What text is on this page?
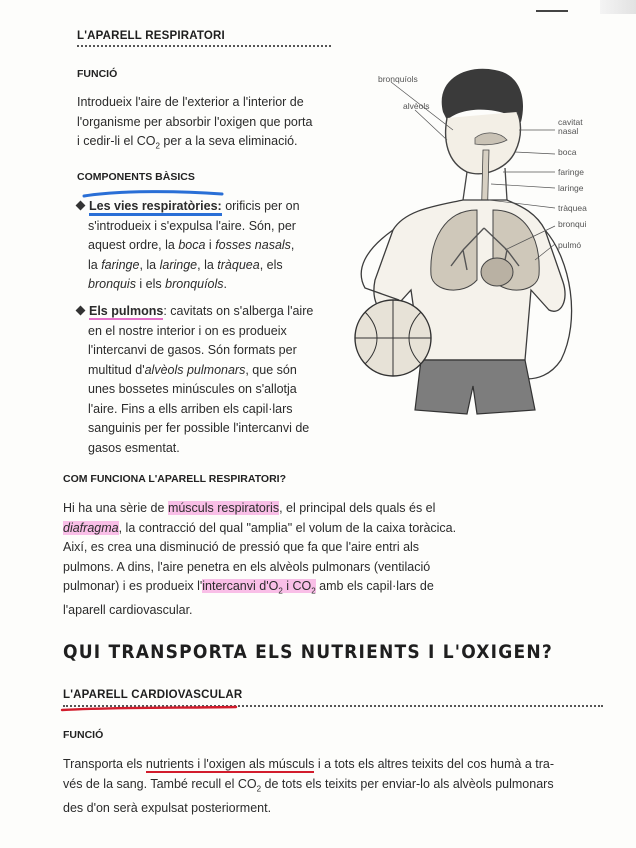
L'APARELL RESPIRATORI
FUNCIÓ
Introdueix l'aire de l'exterior a l'interior de
l'organisme per absorbir l'oxigen que porta
i cedir-li el $CO_2$ per a la seva eliminació.
COMPONENTS BÀSICS
Les vies respiratòries: orificis per on
s'introdueix i s'expulsa l'aire. Són, per
aquest ordre, la boca i fosses nasals,
la faringe, la laringe, la tràquea, els
bronquis i els bronquíols.
Els pulmons: cavitats on s'alberga l'aire
en el nostre interior i on es produeix
l'intercanvi de gasos. Són formats per
multitud d'alvèols pulmonars, que són
unes bossetes minúscules on s'allotja
l'aire. Fins a ells arriben els capil·lars
sanguinis per fer possible l'intercanvi de
gasos esmentat.
bronquíols
alvèols
cavitat
nasal
boca
faringe
laringe
tràquea
bronqui
pulmó
COM FUNCIONA L'APARELL RESPIRATORI?
Hi ha una sèrie de músculs respiratoris, el principal dels quals és el
diafragma, la contracció del qual "amplia" el volum de la caixa toràcica.
Així, es crea una disminució de pressió que fa que l'aire entri als
pulmons. A dins, l'aire penetra en els alvèols pulmonars (ventilació
pulmonar) i es produeix l'intercanvi $d'O_2$ i $CO_2$ amb els capil·lars de
l'aparell cardiovascular.
QUI TRANSPORTA ELS NUTRIENTS I L'OXIGEN?
L'APARELL CARDIOVASCULAR
FUNCIÓ
Transporta els nutrients i l'oxigen als músculs i a tots els altres teixits del cos humà a tra-
vés de la sang. També recull el $CO_2$ de tots els teixits per enviar-lo als alvèols pulmonars
des d'on serà expulsat posteriorment.
